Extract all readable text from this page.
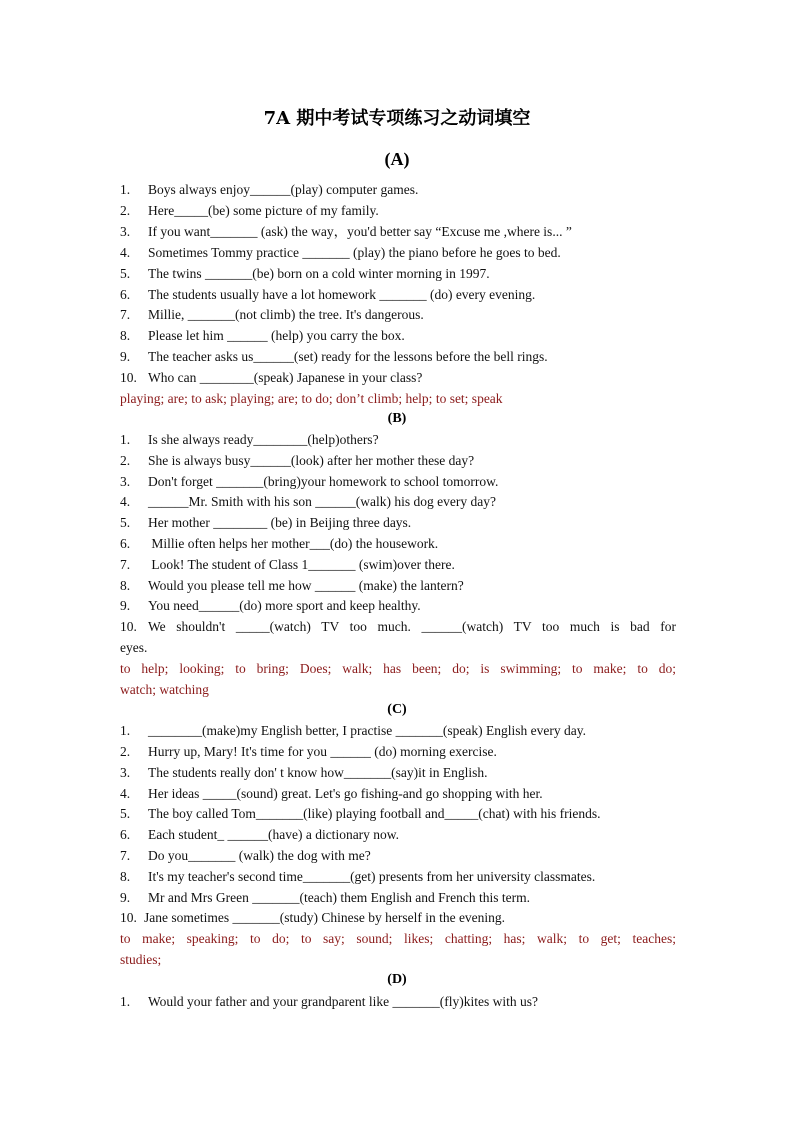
7A 期中考试专项练习之动词填空
(A)
1. Boys always enjoy______(play) computer games.
2. Here_____(be) some picture of my family.
3. If you want_______ (ask) the way，you'd better say “Excuse me ,where is... ”
4. Sometimes Tommy practice _______ (play) the piano before he goes to bed.
5. The twins _______(be) born on a cold winter morning in 1997.
6. The students usually have a lot homework _______ (do) every evening.
7. Millie, _______(not climb) the tree. It's dangerous.
8. Please let him ______ (help) you carry the box.
9. The teacher asks us______(set) ready for the lessons before the bell rings.
10. Who can ________(speak) Japanese in your class?
playing; are; to ask; playing; are; to do; don’t climb; help; to set; speak
(B)
1. Is she always ready________(help)others?
2. She is always busy______(look) after her mother these day?
3. Don't forget _______(bring)your homework to school tomorrow.
4. ______Mr. Smith with his son ______(walk) his dog every day?
5. Her mother ________ (be) in Beijing three days.
6. Millie often helps her mother___(do) the housework.
7. Look! The student of Class 1_______ (swim)over there.
8. Would you please tell me how ______ (make) the lantern?
9. You need______(do) more sport and keep healthy.
10. We shouldn't _____(watch) TV too much. ______(watch) TV too much is bad for
eyes.
to help; looking; to bring; Does; walk; has been; do; is swimming; to make; to do;
watch; watching
(C)
1. ________(make)my English better, I practise _______(speak) English every day.
2. Hurry up, Mary! It's time for you ______ (do) morning exercise.
3. The students really don' t know how_______(say)it in English.
4. Her ideas _____(sound) great. Let's go fishing-and go shopping with her.
5. The boy called Tom_______(like) playing football and_____(chat) with his friends.
6. Each student_ ______(have) a dictionary now.
7. Do you_______ (walk) the dog with me?
8. It's my teacher's second time_______(get) presents from her university classmates.
9. Mr and Mrs Green _______(teach) them English and French this term.
10. Jane sometimes _______(study) Chinese by herself in the evening.
to make; speaking; to do; to say; sound; likes; chatting; has; walk; to get; teaches;
studies;
(D)
1. Would your father and your grandparent like _______(fly)kites with us?
